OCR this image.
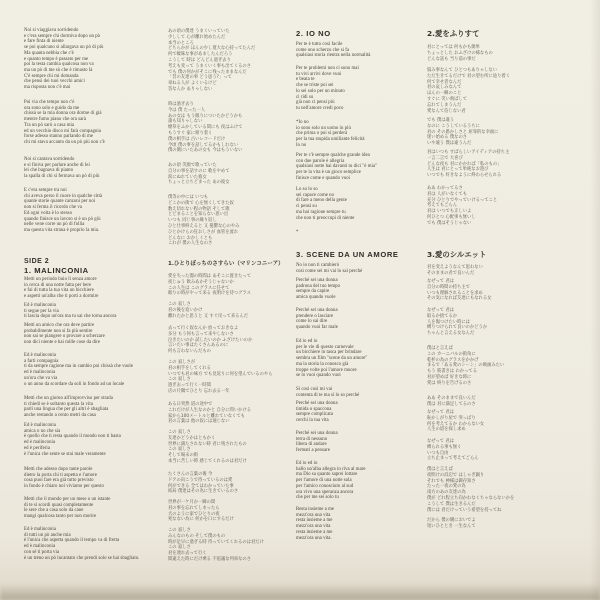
Noi si viaggiava sorridendo
e c'era sempre chi dormiva dopo un pò
e fare finta di niente
se poi qualcuno si allargava un pò di più
Ma quanta nebbia che c'è
e quanto tempo è passato per me
poi la testa cambia qualcosa non va
ma un pò di me sò che è rimasto là
C'è sempre chi mi domanda
che pensi dei tuoi vecchi amici
ma risposta non c'è mai
Poi via che tempo non c'è
ora sono solo e guido da me
chissà se la mia donna ora dorme di già
mentre fumo piano che ora sarà
Tra un pò sarò a casa mia
ed un vecchio disco mi farà compagnia
forse adesso stanno parlando di me
chi mi stava accanto da un pò più non c'è
Noi si cantava sorridendo
e si finiva per parlare anche di lei
lei che bagnava di pianto
la spalla di chi si fermava un pò di più
E c'era sempre tra noi
chi aveva perso il cuore in qualche città
quante storie quante canzoni per noi
non si ferma il ricordo che va
Ed ogni volta è lo stesso
quando finisce un lavoro si è un pò giù
nelle vene corre un pò di follia
ma questa vita strana è proprio la mia.
SIDE 2
1. MALINCONIA
Metti un periodo buio lì senza amore
in cerca di una notte fatta per bere
e fai di tutta la tua vita un bicchiere
e aspetti un'alba che ti porti a dormire
Ed è malinconia
ti segue per la via
ti lascia dopo un'ora ma tu sai che torna ancora
Metti un amico che ora deve partire
probabilmente non si fa più sentire
non sai se piangere o provare a scherzare
non dici niente e hai mille cose da dire
Ed è malinconia
a farti compagnia
ti da sempre ragione ma in cambio poi chissà che vuole
ed è malinconia
un'ora che va via
o un anno da scordare da soli in fondo ad un locale
Metti che un giorno all'improvviso per strada
ti chiedi se è soltanto questa la vita
parli una lingua che per gli altri è sbagliata
anche restando a cento metri da casa
Ed è malinconia
amica o no che sia
è quello che ti resta quando il mondo non ti basta
ed è malinconia
ed è periferia
è l'unica che sente se stai male veramente
Metti che adesso dopo tante parole
dietro la porta chi ti aspetta e l'amore
cosa puoi fare era già tutto previsto
in fondo è chiaro noi viviamo per questo
Metti che il mondo per un mese o un istante
di te si scordi quasi completamente
le sere che a casa solo da cane
mangi qualcosa tanto per non morire
Ed è malinconia
di tutti un pò anche mia
è l'unica che aspetta quando il tempo va di fretta
ed è malinconia
con sè ti porta via
è un treno un pò incantato che prendi solo se hai sbagliato.
あの頃の僕達 うまくいっていた
少しして 心が離れ始めたんだ
本当のところ
どちらかが ほんの少し寛大な心持ってたんだ
何で曖昧な事があましたんだろう
こうして 時は どんどん過ぎ去り
考えも変って うまくいく事も出てくるのさ
でも 僕の何かがそこに残ったままなんだ
「昔の友達の事 どう思う?」って
尋ねる人が よくいるけど
答なんか ありゃしない
時は過ぎ去り
今は 僕 たった一人
あの女は もう眠りについたかどうかも
誰も知りゃしない
煙草をふかしている間にも 夜はふけて
もうすぐ 家に帰り着く
僕の相手は 古いレコードだけ
今頃 僕の事を話してるかもしれない
僕の側にいたあの女も 今はもういない
あの頃 笑顔で歌っていた
自分の事を話すのに 歌をやめて
涙にぬれていた彼女
ちょっと立ちどまった あの彼女
僕等の中には いつも
どこかの街で 心を無くしてきた奴
数え切れない程の物語 そして歌
とどまることを知らない思い出
いつも 同じ事の繰り返し
ひと仕事終えると 又 憂鬱な心のやみ
ひとかけらの狂おしさが 血管を流れ
どんなに おかしくとも
これが 僕の人生なのさ
1.ひとりぼっちのさすらい（マリンコニーア）
愛を失った闇の時間は あそこに置きたって
夜じゅう 飲みあかそうじゃないか
この人生は このグラスに任せて
眠りの時がやって来る 夜明けを待つグラス
この 寂しさ
君の後を追いかけ
離れたかと思うと 又 すぐ戻って来るんだ
去って行く奴なんか 放っておきなよ
多分 もう何も言って来やしないさ
泣きたいのか 試したいのか ふざけたいのか
言いたい事はたくさんあるのに
何も言わないんだもの
この 寂しさが
君の相手をしてくれる
いつでも君の味方 でも見返りに何を望んでいるのやら
この 寂しさ
過ぎ去って行く一時間
店の片隅でひとり 忘れ去る一年
ある日突然 道の途中で
これだけが人生なのかと 自分に問いかける
家から100メートルと離れていなくても
君の言葉は 他の奴には通じない
この 寂しさ
友達かどうかはともかく
世界に満たされない時 君に残されたもの
この 寂しさ
そして場末の街
本当に苦しい時 感じてくれるのは君だけ
たくさんの言葉の後 今
ドアの向こうで待っているのは愛
何ができる 全てはわかっていた事
結局 僕達はその為に生きているのさ
世界が一ケ月か一瞬の間
君の事を忘れてしまったら
犬のように家でひとりの夜
死なない為に 何かを口にするだけ
この 寂しさ
みんなのもの そして僕のもの
時が足早に過ぎる時 待っていてくれるのは君だけ
この 寂しさ
君を連れ去って行く
間違えた時にだけ乗る 不思議な列車なのさ
2. IO NO
Per te è tutto così facile
come uno scherzo che si fa
qualsiasi storia rientra nella normalità
Per te problemi non ci sono mai
tu vivi arrivi dove vuoi
e beata te
che se triste poi sei
lo sei solo per un minuto
ci ridi su
già non ci pensi più
tu nell'amore credi poco
*Io no
io sono solo un uomo in più
che prima o poi si perderà
per la tua stupida umiliante felicità
Io no
Per te c'è sempre qualche grande idea
con due parole è allegria
qualsiasi notte hai davanti tu dici "è mia"
per te la vita è un gioco semplice
finisce come e quando vuoi
Lo so lo so
sei capace come no
di fare a meno della gente
ci pensi su
ma hai ragione sempre tu
che non ti preoccupi di niente
*
3. SCENE DA UN AMORE
No io non ti cambierò
così come sei mi vai lo sai perché
Perché sei una donna
padrona del tuo tempo
sempre da capire
amica quando vuole
Perché sei una donna
prendere o lasciare
come lo sai dire
quando vuoi far male
Ed io ed io
per le vie di questo carnevale
un bicchiere in tasca per brindare
sembra un film "scene da un amore"
ma la storia la conosco già
troppe volte poi l'amore muore
se lo vuoi quando vuoi
Sì così così mi vai
contenta di te ma sì lo so perché
Perché sei una donna
timida o spaccona
sempre complicata
cerchi la tua vita
Perché sei una donna
terra di nessuno
libera di andare
fermati a pensare
Ed io ed io
ballo un'alba allegra in riva al mare
ma Dio sa quanto saprei lottare
per l'amore di una notte sola
per l'amico conosciuto al sud
ora vivo una speranza ancora
che per me sei solo tu
Resta insieme a me
mezz'ora una vita
resta insieme a me
mezz'ora una vita
resta insieme a me
mezz'ora una vita.
2.愛をふりすて
君にとっては 何もかも簡単
ちょっとした おふざけの様なもの
どんな話も 当り前の事だ
悩み事なんて ひとつもありゃしない
ただ生きてるだけで 君の望む所に辿り着く
何て幸せ者なんだ
君の哀しみなんて
ほんの一瞬のこと
すぐに 笑い飛ばして
忘れてしまうんだ
愛なんて信じない君
でも 僕は違う
なのに こうしているうちに
君の その愚かしさと 屈辱的な幸福に
迷い始める 僕なのさ
いや違う 僕は違うんだ
君はいつも すばらしいアイディアの持ち主
一言二言で 大喜び
どんな夜も 君にかかれば「私のもの」
人生は 君にとって単純なお遊び
いつでも 好きなように終わらせられる
ああ わかってるさ
君は 人がいなくても
充分 ひとりでやっていけるってこと
考えてもごらん
君は いつでも正しいよ
何ひとつ 心配事も無いし
でも 僕はそうじゃない
3.愛のシルエット
君を変えようなんて思わない
そのままの君で良いんだ
なぜって 君は
自分の時間の持ち主で
いつも理解されることを求め
その気になれば友達にもなれる女
なぜって 君は
取るか捨てるか
人を傷つけたい時には
縛りつけられて良いのかどうか
ちゃんと言える女なんだ
僕はと言えば
この カーニバルの街角に
乾杯の為のグラスをかかげ
まるで「ある愛のシーン」の映画みたい
もう 筋書きは わかってる
君が望めば 好きな時に
愛は 終りを告げるのさ
ああ そのままで良いんだ
僕は 君に満足してるのさ
なぜって 君は
恥かしがり屋で 突っぱり
何を考えてるか わからない女
人生の道を探し求め
なぜって 君は
縛られる事も無く
いつも自由
立ち止まって考えてごらん
僕はと言えば
夜明けの浜辺で はしゃぎ踊り
それでも 神様は御存知さ
たった一夜の愛の為
南方のあの友達の為
僕が どれ程立ち向かわなくちゃならないかを
こうして 僕は生きるんだ
僕には 君だけっていう希望を持ってね
だから 僕の側においでよ
短いひととき 一生なんて
